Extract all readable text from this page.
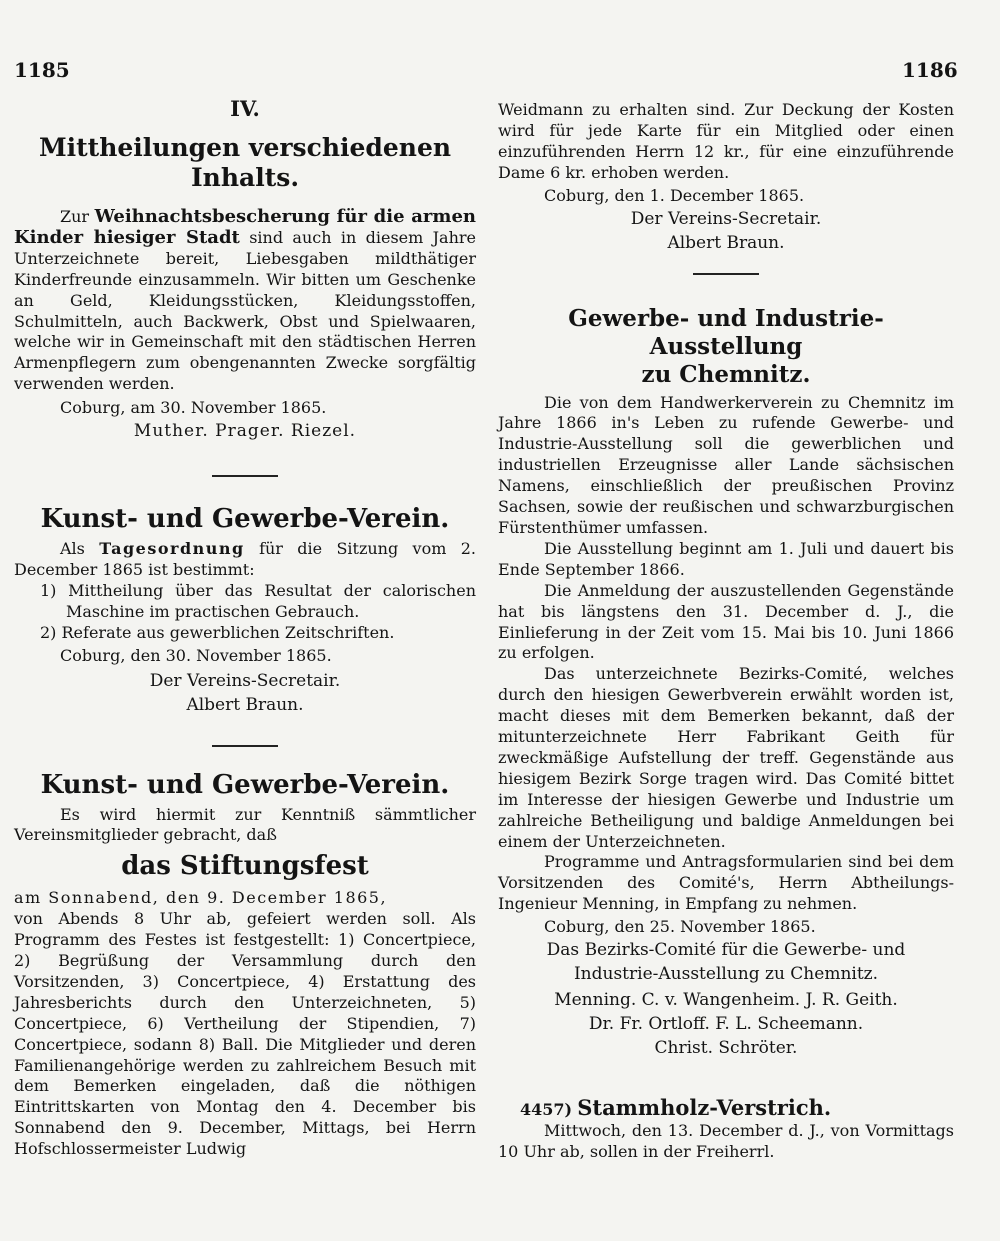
1185	1186
IV.
Mittheilungen verschiedenen Inhalts.

Zur Weihnachtsbescherung für die armen Kinder hiesiger Stadt sind auch in diesem Jahre Unterzeichnete bereit, Liebesgaben mildthätiger Kinderfreunde einzusammeln. Wir bitten um Geschenke an Geld, Kleidungsstücken, Kleidungsstoffen, Schulmitteln, auch Backwerk, Obst und Spielwaaren, welche wir in Gemeinschaft mit den städtischen Herren Armenpflegern zum obengenannten Zwecke sorgfältig verwenden werden.

Coburg, am 30. November 1865.

Muther. Prager. Riezel.

Kunst- und Gewerbe-Verein.

Als Tagesordnung für die Sitzung vom 2. December 1865 ist bestimmt:

1) Mittheilung über das Resultat der calorischen Maschine im practischen Gebrauch.

2) Referate aus gewerblichen Zeitschriften.

Coburg, den 30. November 1865.

Der Vereins-Secretair.

Albert Braun.

Kunst- und Gewerbe-Verein.

Es wird hiermit zur Kenntniß sämmtlicher Vereinsmitglieder gebracht, daß

das Stiftungsfest

am Sonnabend, den 9. December 1865,

von Abends 8 Uhr ab, gefeiert werden soll. Als Programm des Festes ist festgestellt: 1) Concertpiece, 2) Begrüßung der Versammlung durch den Vorsitzenden, 3) Concertpiece, 4) Erstattung des Jahresberichts durch den Unterzeichneten, 5) Concertpiece, 6) Vertheilung der Stipendien, 7) Concertpiece, sodann 8) Ball. Die Mitglieder und deren Familienangehörige werden zu zahlreichem Besuch mit dem Bemerken eingeladen, daß die nöthigen Eintrittskarten von Montag den 4. December bis Sonnabend den 9. December, Mittags, bei Herrn Hofschlossermeister Ludwig

Weidmann zu erhalten sind. Zur Deckung der Kosten wird für jede Karte für ein Mitglied oder einen einzuführenden Herrn 12 kr., für eine einzuführende Dame 6 kr. erhoben werden.

Coburg, den 1. December 1865.

Der Vereins-Secretair.

Albert Braun.

Gewerbe- und Industrie-Ausstellung
zu Chemnitz.

Die von dem Handwerkerverein zu Chemnitz im Jahre 1866 in's Leben zu rufende Gewerbe- und Industrie-Ausstellung soll die gewerblichen und industriellen Erzeugnisse aller Lande sächsischen Namens, einschließlich der preußischen Provinz Sachsen, sowie der reußischen und schwarzburgischen Fürstenthümer umfassen.

Die Ausstellung beginnt am 1. Juli und dauert bis Ende September 1866.

Die Anmeldung der auszustellenden Gegenstände hat bis längstens den 31. December d. J., die Einlieferung in der Zeit vom 15. Mai bis 10. Juni 1866 zu erfolgen.

Das unterzeichnete Bezirks-Comité, welches durch den hiesigen Gewerbverein erwählt worden ist, macht dieses mit dem Bemerken bekannt, daß der mitunterzeichnete Herr Fabrikant Geith für zweckmäßige Aufstellung der treff. Gegenstände aus hiesigem Bezirk Sorge tragen wird. Das Comité bittet im Interesse der hiesigen Gewerbe und Industrie um zahlreiche Betheiligung und baldige Anmeldungen bei einem der Unterzeichneten.

Programme und Antragsformularien sind bei dem Vorsitzenden des Comité's, Herrn Abtheilungs-Ingenieur Menning, in Empfang zu nehmen.

Coburg, den 25. November 1865.

Das Bezirks-Comité für die Gewerbe- und

Industrie-Ausstellung zu Chemnitz.

Menning. C. v. Wangenheim. J. R. Geith.

Dr. Fr. Ortloff. F. L. Scheemann.

Christ. Schröter.

4457) Stammholz-Verstrich.

Mittwoch, den 13. December d. J., von Vormittags 10 Uhr ab, sollen in der Freiherrl.
